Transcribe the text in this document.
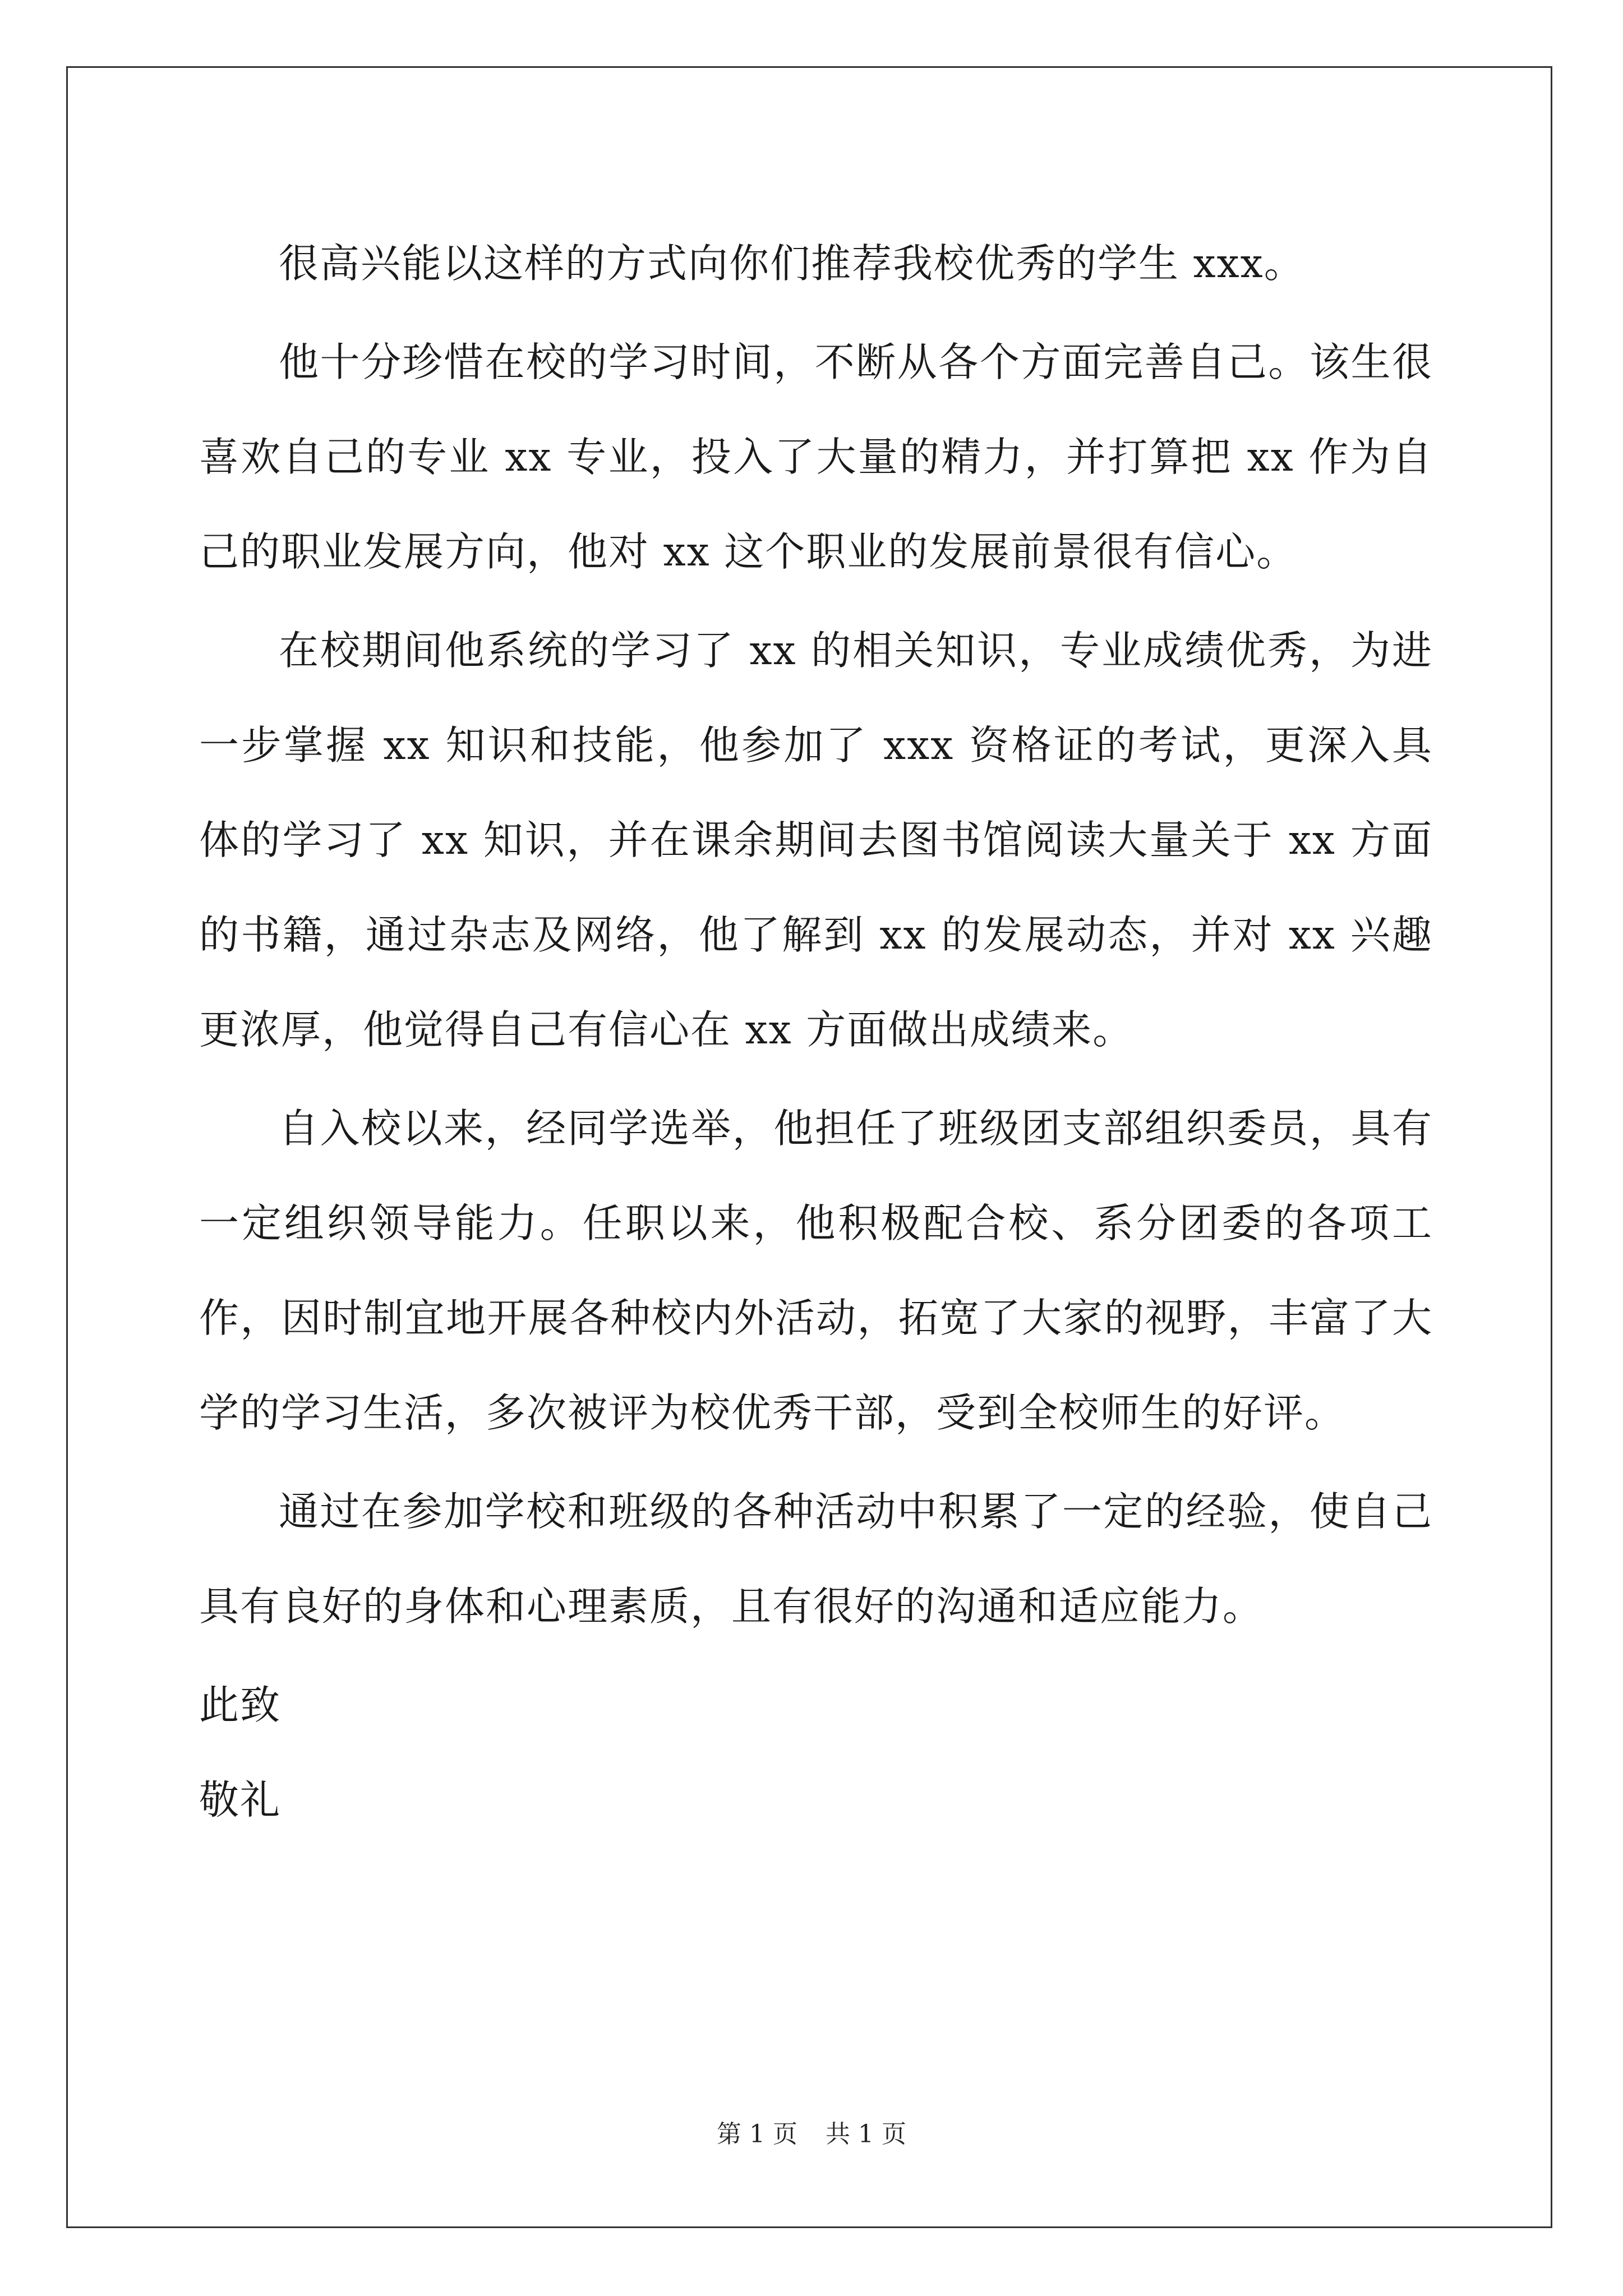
很高兴能以这样的方式向你们推荐我校优秀的学生 xxx。

他十分珍惜在校的学习时间，不断从各个方面完善自己。该生很喜欢自己的专业 xx 专业，投入了大量的精力，并打算把 xx 作为自己的职业发展方向，他对 xx 这个职业的发展前景很有信心。

在校期间他系统的学习了 xx 的相关知识，专业成绩优秀，为进一步掌握 xx 知识和技能，他参加了 xxx 资格证的考试，更深入具体的学习了 xx 知识，并在课余期间去图书馆阅读大量关于 xx 方面的书籍，通过杂志及网络，他了解到 xx 的发展动态，并对 xx 兴趣更浓厚，他觉得自己有信心在 xx 方面做出成绩来。

自入校以来，经同学选举，他担任了班级团支部组织委员，具有一定组织领导能力。任职以来，他积极配合校、系分团委的各项工作，因时制宜地开展各种校内外活动，拓宽了大家的视野，丰富了大学的学习生活，多次被评为校优秀干部，受到全校师生的好评。

通过在参加学校和班级的各种活动中积累了一定的经验，使自己具有良好的身体和心理素质，且有很好的沟通和适应能力。

此致

敬礼

第 1 页 共 1 页
